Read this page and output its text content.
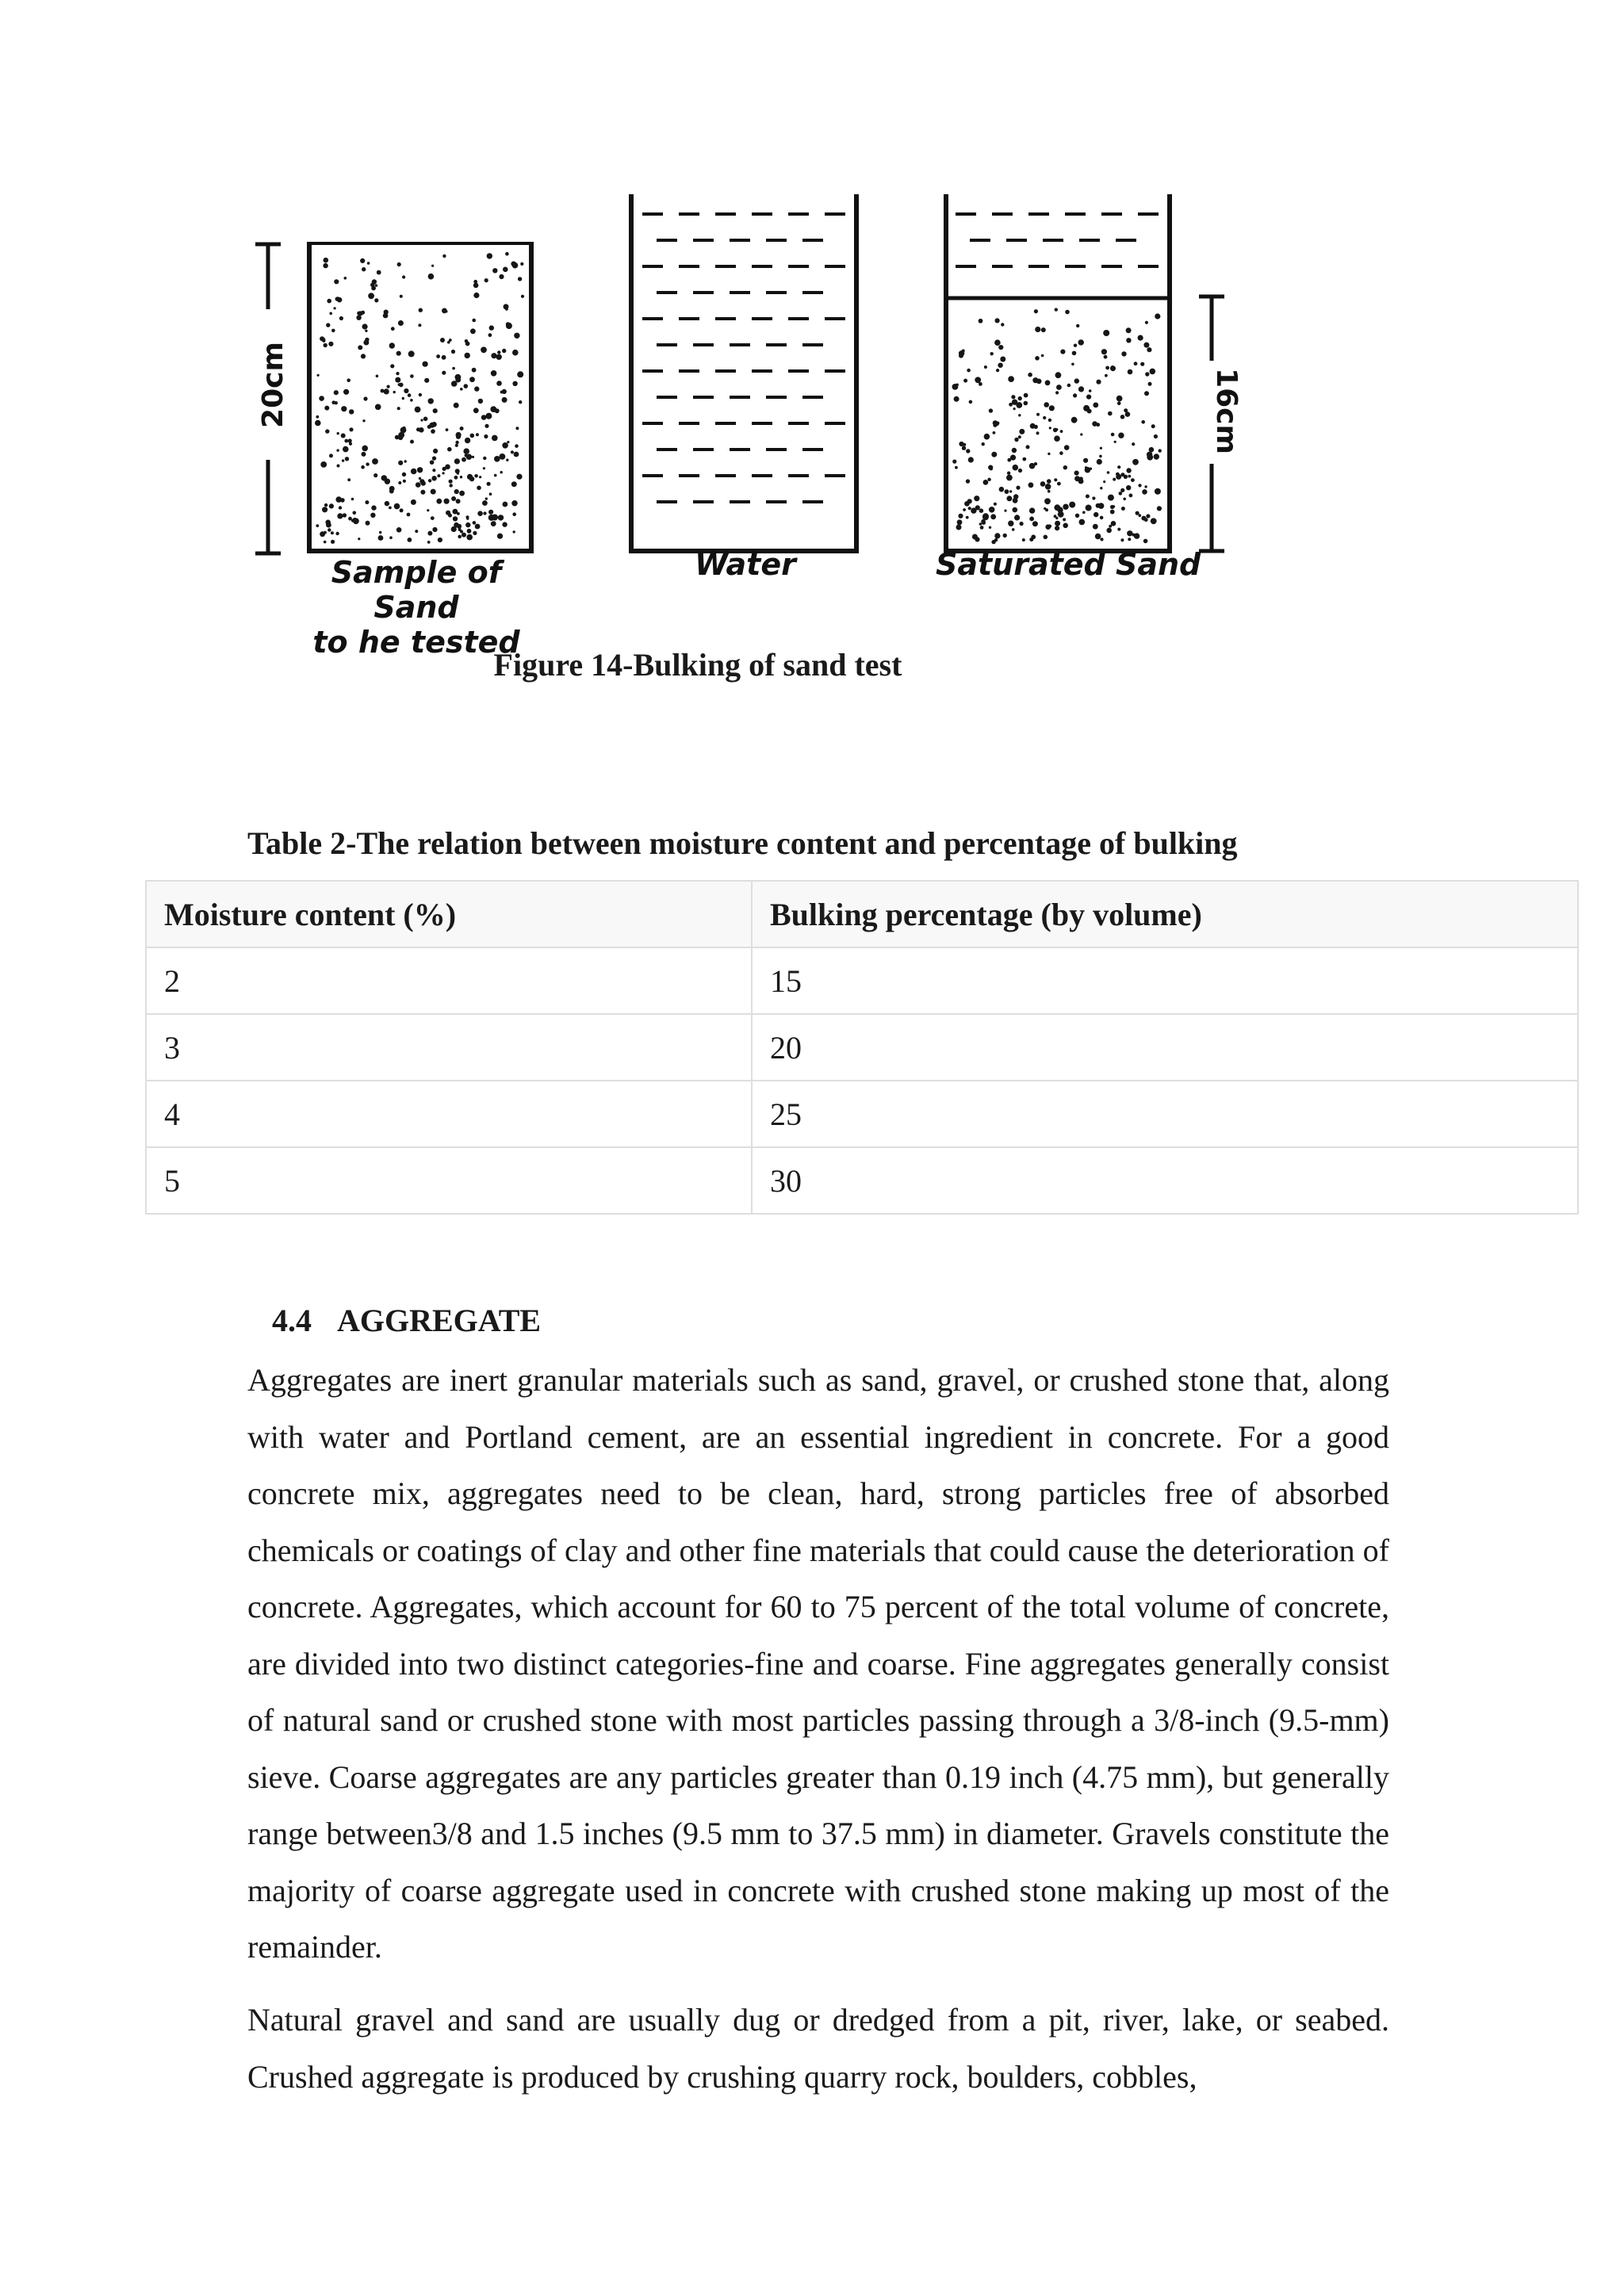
20cm	16cm
Sample of Sand
to he tested
Water	Saturated Sand
Figure 14-Bulking of sand test
Table 2-The relation between moisture content and percentage of bulking
Moisture content (%)	Bulking percentage (by volume)
2	15
3	20
4	25
5	30
4.4 AGGREGATE

Aggregates are inert granular materials such as sand, gravel, or crushed stone that, along with water and Portland cement, are an essential ingredient in concrete. For a good concrete mix, aggregates need to be clean, hard, strong particles free of absorbed chemicals or coatings of clay and other fine materials that could cause the deterioration of concrete. Aggregates, which account for 60 to 75 percent of the total volume of concrete, are divided into two distinct categories-fine and coarse. Fine aggregates generally consist of natural sand or crushed stone with most particles passing through a 3/8-inch (9.5-mm) sieve. Coarse aggregates are any particles greater than 0.19 inch (4.75 mm), but generally range between3/8 and 1.5 inches (9.5 mm to 37.5 mm) in diameter. Gravels constitute the majority of coarse aggregate used in concrete with crushed stone making up most of the remainder.

Natural gravel and sand are usually dug or dredged from a pit, river, lake, or seabed. Crushed aggregate is produced by crushing quarry rock, boulders, cobbles,
